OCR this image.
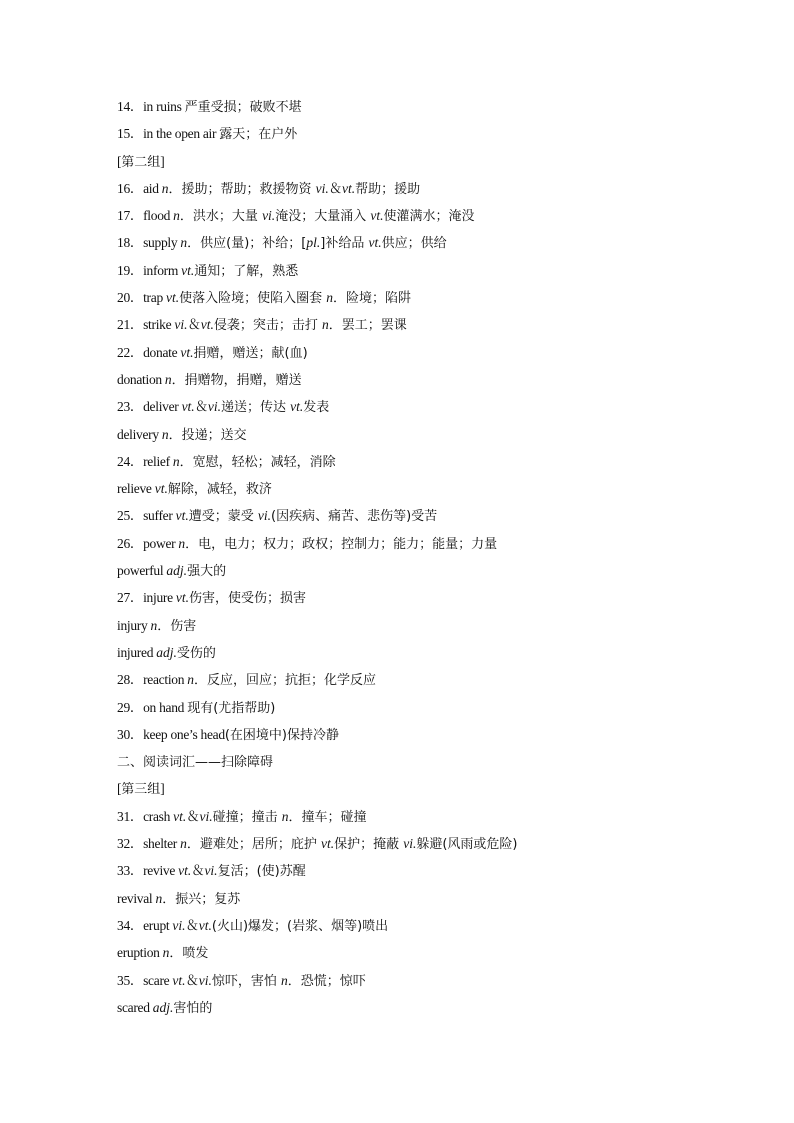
14．in ruins 严重受损；破败不堪
15．in the open air 露天；在户外
[第二组]
16．aid n．援助；帮助；救援物资 vi.＆vt.帮助；援助
17．flood n．洪水；大量 vi.淹没；大量涌入 vt.使灌满水；淹没
18．supply n．供应(量)；补给；[pl.]补给品 vt.供应；供给
19．inform vt.通知；了解，熟悉
20．trap vt.使落入险境；使陷入圈套 n．险境；陷阱
21．strike vi.＆vt.侵袭；突击；击打 n．罢工；罢课
22．donate vt.捐赠，赠送；献(血)
donation n．捐赠物，捐赠，赠送
23．deliver vt.＆vi.递送；传达 vt.发表
delivery n．投递；送交
24．relief n．宽慰，轻松；减轻，消除
relieve vt.解除，减轻，救济
25．suffer vt.遭受；蒙受 vi.(因疾病、痛苦、悲伤等)受苦
26．power n．电，电力；权力；政权；控制力；能力；能量；力量
powerful adj.强大的
27．injure vt.伤害，使受伤；损害
injury n．伤害
injured adj.受伤的
28．reaction n．反应，回应；抗拒；化学反应
29．on hand 现有(尤指帮助)
30．keep one’s head(在困境中)保持冷静
二、阅读词汇——扫除障碍
[第三组]
31．crash vt.＆vi.碰撞；撞击 n．撞车；碰撞
32．shelter n．避难处；居所；庇护 vt.保护；掩蔽 vi.躲避(风雨或危险)
33．revive vt.＆vi.复活；(使)苏醒
revival n．振兴；复苏
34．erupt vi.＆vt.(火山)爆发；(岩浆、烟等)喷出
eruption n．喷发
35．scare vt.＆vi.惊吓，害怕 n．恐慌；惊吓
scared adj.害怕的
